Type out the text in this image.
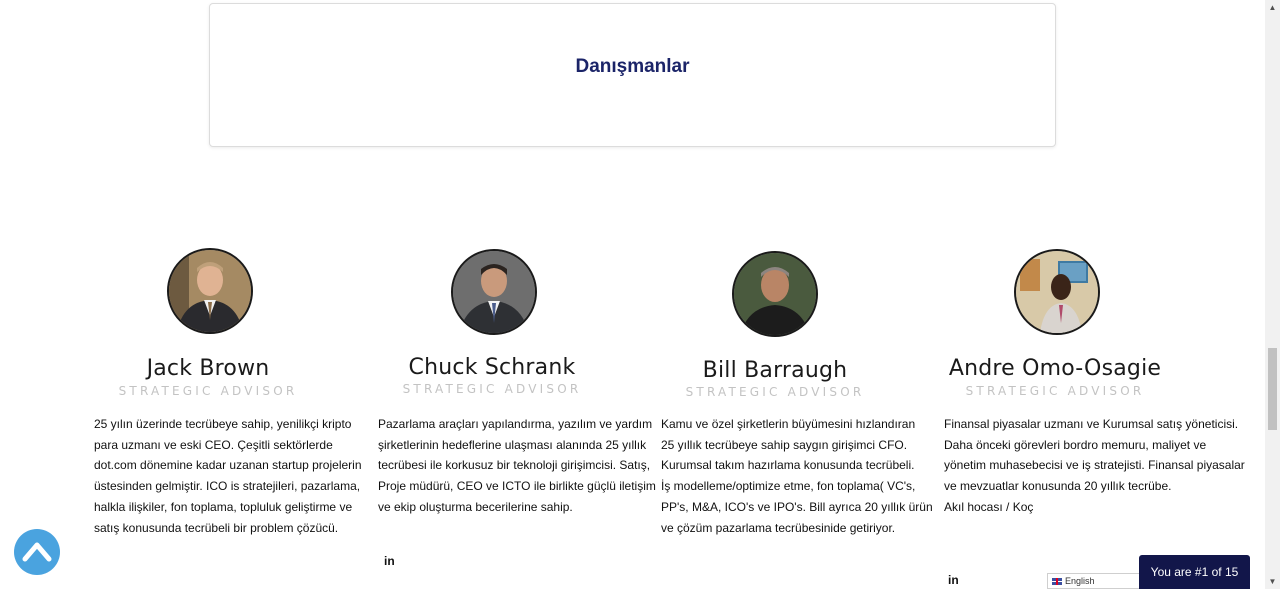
Danışmanlar
Jack Brown
STRATEGIC ADVISOR

25 yılın üzerinde tecrübeye sahip, yenilikçi kripto
para uzmanı ve eski CEO. Çeşitli sektörlerde
dot.com dönemine kadar uzanan startup projelerin
üstesinden gelmiştir. ICO is stratejileri, pazarlama,
halkla ilişkiler, fon toplama, topluluk geliştirme ve
satış konusunda tecrübeli bir problem çözücü.

Chuck Schrank
STRATEGIC ADVISOR

Pazarlama araçları yapılandırma, yazılım ve yardım
şirketlerinin hedeflerine ulaşması alanında 25 yıllık
tecrübesi ile korkusuz bir teknoloji girişimcisi. Satış,
Proje müdürü, CEO ve ICTO ile birlikte güçlü iletişim
ve ekip oluşturma becerilerine sahip.

in
Bill Barraugh
STRATEGIC ADVISOR

Kamu ve özel şirketlerin büyümesini hızlandıran
25 yıllık tecrübeye sahip saygın girişimci CFO.
Kurumsal takım hazırlama konusunda tecrübeli.
İş modelleme/optimize etme, fon toplama( VC's,
PP's, M&A, ICO's ve IPO's. Bill ayrıca 20 yıllık ürün
ve çözüm pazarlama tecrübesinide getiriyor.

Andre Omo-Osagie
STRATEGIC ADVISOR

Finansal piyasalar uzmanı ve Kurumsal satış yöneticisi.
Daha önceki görevleri bordro memuru, maliyet ve
yönetim muhasebecisi ve iş stratejisti. Finansal piyasalar
ve mevzuatlar konusunda 20 yıllık tecrübe.
Akıl hocası / Koç

in	English
You are #1 of 15
▲
▼
